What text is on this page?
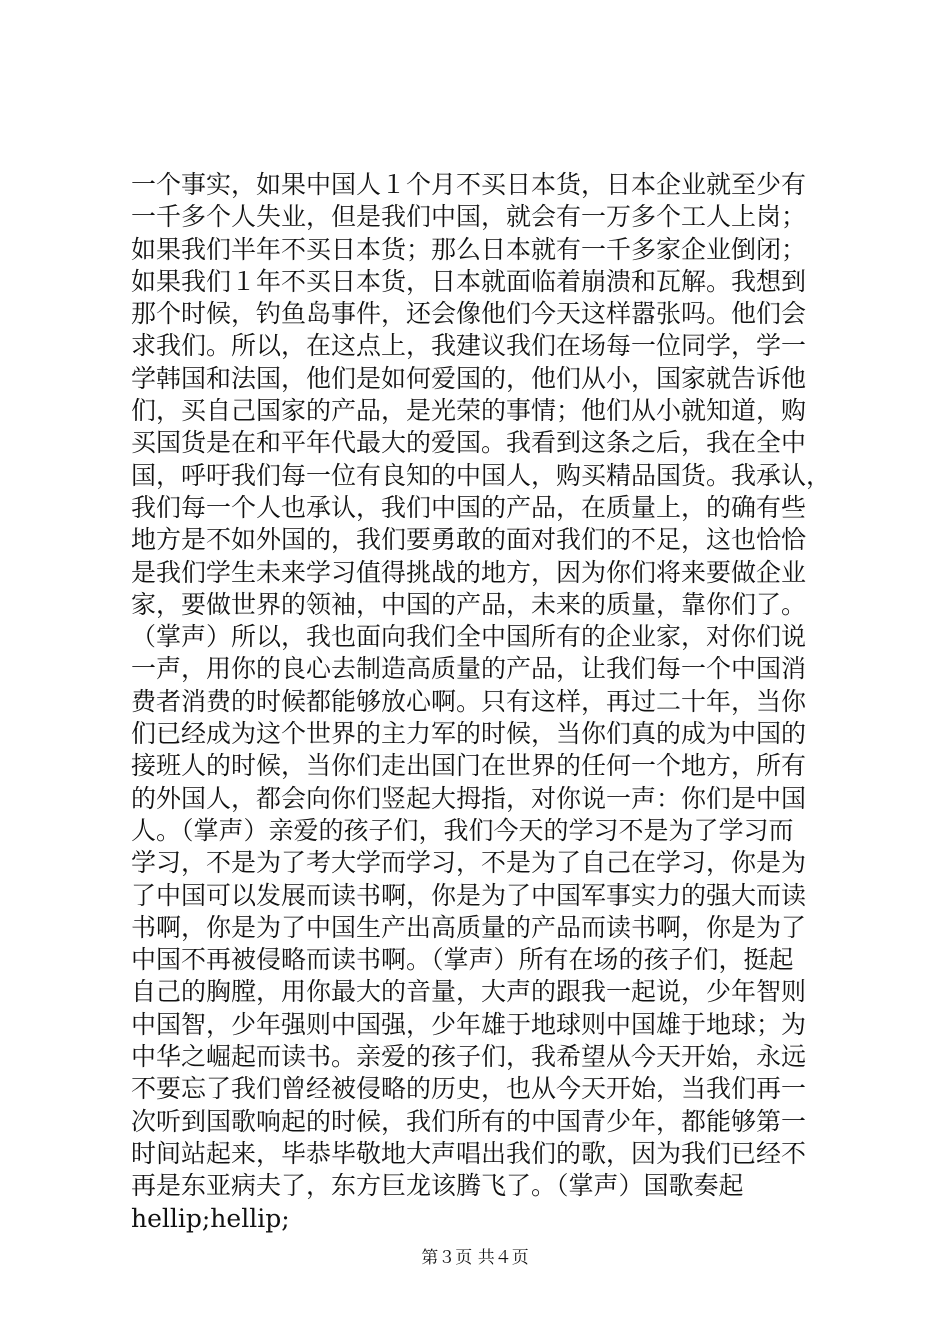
一个事实，如果中国人１个月不买日本货，日本企业就至少有
一千多个人失业，但是我们中国，就会有一万多个工人上岗；
如果我们半年不买日本货；那么日本就有一千多家企业倒闭；
如果我们１年不买日本货，日本就面临着崩溃和瓦解。我想到
那个时候，钓鱼岛事件，还会像他们今天这样嚣张吗。他们会
求我们。所以，在这点上，我建议我们在场每一位同学，学一
学韩国和法国，他们是如何爱国的，他们从小，国家就告诉他
们，买自己国家的产品，是光荣的事情；他们从小就知道，购
买国货是在和平年代最大的爱国。我看到这条之后，我在全中
国，呼吁我们每一位有良知的中国人，购买精品国货。我承认，
我们每一个人也承认，我们中国的产品，在质量上，的确有些
地方是不如外国的，我们要勇敢的面对我们的不足，这也恰恰
是我们学生未来学习值得挑战的地方，因为你们将来要做企业
家，要做世界的领袖，中国的产品，未来的质量，靠你们了。
（掌声）所以，我也面向我们全中国所有的企业家，对你们说
一声，用你的良心去制造高质量的产品，让我们每一个中国消
费者消费的时候都能够放心啊。只有这样，再过二十年，当你
们已经成为这个世界的主力军的时候，当你们真的成为中国的
接班人的时候，当你们走出国门在世界的任何一个地方，所有
的外国人，都会向你们竖起大拇指，对你说一声：你们是中国
人。（掌声）亲爱的孩子们，我们今天的学习不是为了学习而
学习，不是为了考大学而学习，不是为了自己在学习，你是为
了中国可以发展而读书啊，你是为了中国军事实力的强大而读
书啊，你是为了中国生产出高质量的产品而读书啊，你是为了
中国不再被侵略而读书啊。（掌声）所有在场的孩子们，挺起
自己的胸膛，用你最大的音量，大声的跟我一起说，少年智则
中国智，少年强则中国强，少年雄于地球则中国雄于地球；为
中华之崛起而读书。亲爱的孩子们，我希望从今天开始，永远
不要忘了我们曾经被侵略的历史，也从今天开始，当我们再一
次听到国歌响起的时候，我们所有的中国青少年，都能够第一
时间站起来，毕恭毕敬地大声唱出我们的歌，因为我们已经不
再是东亚病夫了，东方巨龙该腾飞了。（掌声）国歌奏起
hellip;hellip;
第３页 共４页
